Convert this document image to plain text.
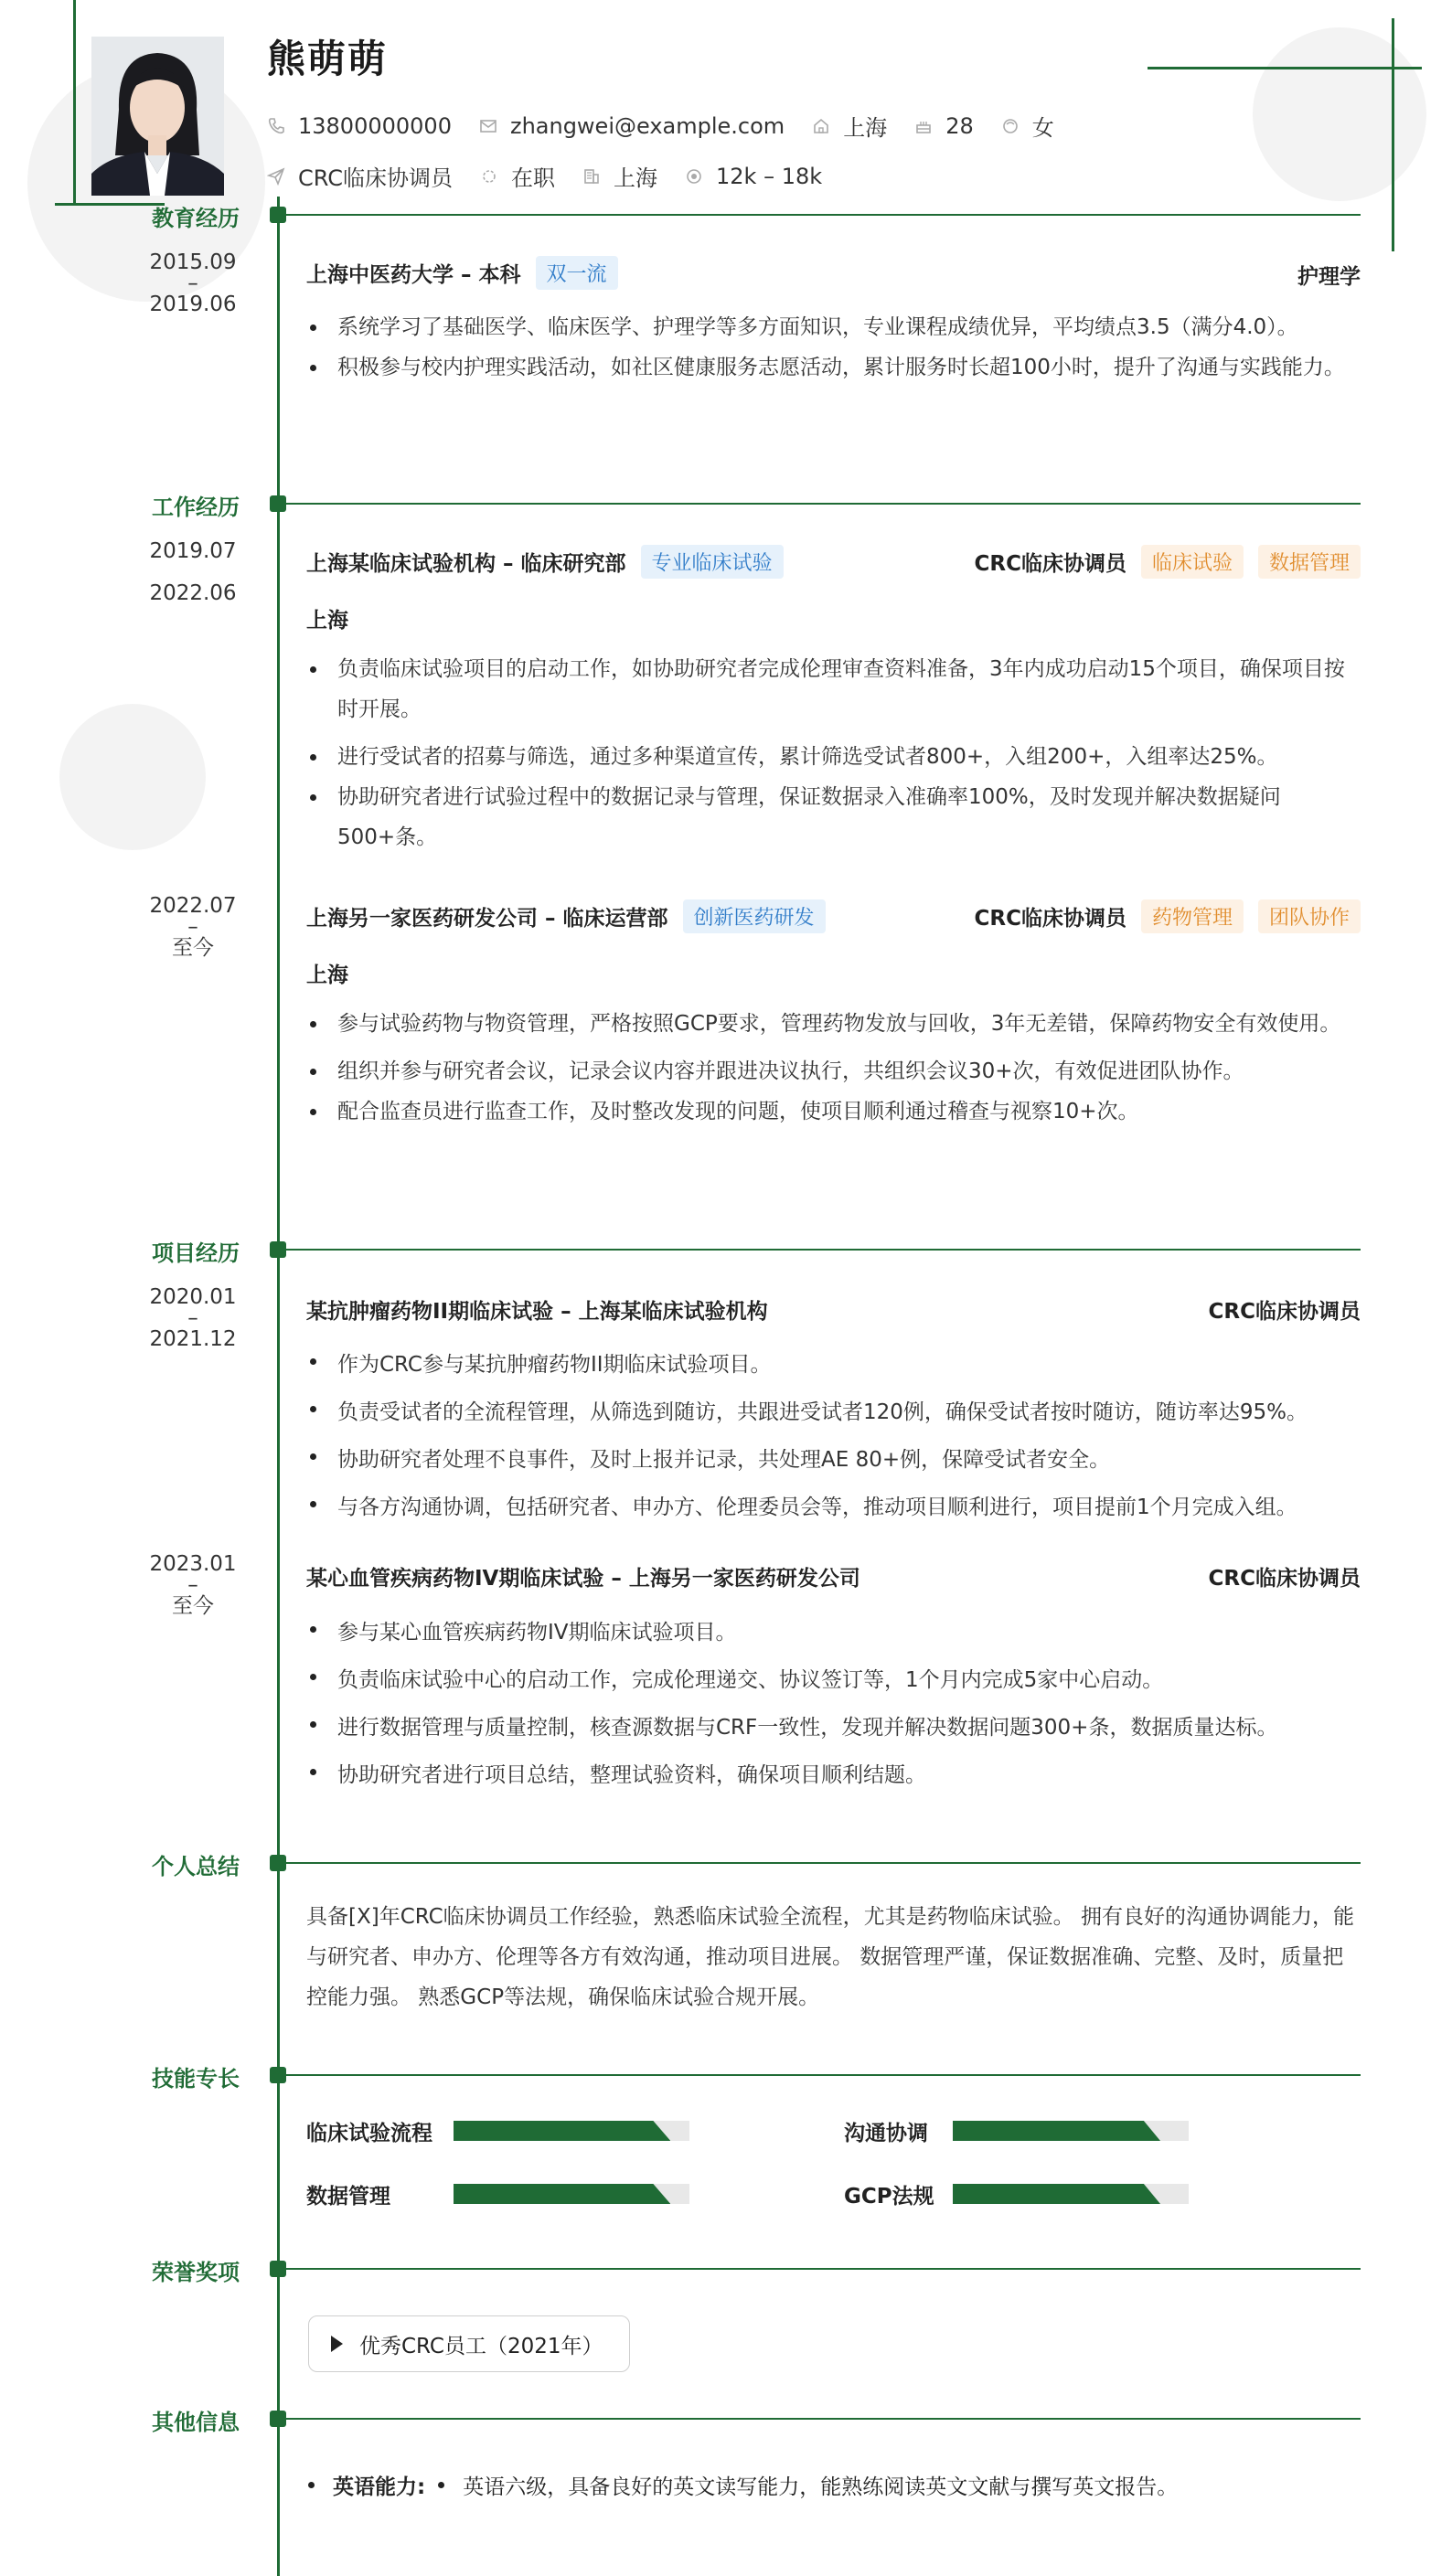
熊萌萌
13800000000	zhangwei@example.com	上海	28	女
CRC临床协调员	在职	上海	12k – 18k
教育经历
2015.09
–
2019.06
上海中医药大学 – 本科	双一流	护理学
系统学习了基础医学、临床医学、护理学等多方面知识，专业课程成绩优异，平均绩点3.5（满分4.0）。
积极参与校内护理实践活动，如社区健康服务志愿活动，累计服务时长超100小时，提升了沟通与实践能力。
工作经历
2019.07

2022.06
上海某临床试验机构 – 临床研究部	专业临床试验	CRC临床协调员	临床试验	数据管理
上海
负责临床试验项目的启动工作，如协助研究者完成伦理审查资料准备，3年内成功启动15个项目，确保项目按时开展。
进行受试者的招募与筛选，通过多种渠道宣传，累计筛选受试者800+，入组200+，入组率达25%。
协助研究者进行试验过程中的数据记录与管理，保证数据录入准确率100%，及时发现并解决数据疑问500+条。
2022.07
–
至今
上海另一家医药研发公司 – 临床运营部	创新医药研发	CRC临床协调员	药物管理	团队协作
上海
参与试验药物与物资管理，严格按照GCP要求，管理药物发放与回收，3年无差错，保障药物安全有效使用。
组织并参与研究者会议，记录会议内容并跟进决议执行，共组织会议30+次，有效促进团队协作。
配合监查员进行监查工作，及时整改发现的问题，使项目顺利通过稽查与视察10+次。
项目经历
2020.01
–
2021.12
某抗肿瘤药物II期临床试验 – 上海某临床试验机构	CRC临床协调员
作为CRC参与某抗肿瘤药物II期临床试验项目。
负责受试者的全流程管理，从筛选到随访，共跟进受试者120例，确保受试者按时随访，随访率达95%。
协助研究者处理不良事件，及时上报并记录，共处理AE 80+例，保障受试者安全。
与各方沟通协调，包括研究者、申办方、伦理委员会等，推动项目顺利进行，项目提前1个月完成入组。
2023.01
–
至今
某心血管疾病药物IV期临床试验 – 上海另一家医药研发公司	CRC临床协调员
参与某心血管疾病药物IV期临床试验项目。
负责临床试验中心的启动工作，完成伦理递交、协议签订等，1个月内完成5家中心启动。
进行数据管理与质量控制，核查源数据与CRF一致性，发现并解决数据问题300+条，数据质量达标。
协助研究者进行项目总结，整理试验资料，确保项目顺利结题。
个人总结
具备[X]年CRC临床协调员工作经验，熟悉临床试验全流程，尤其是药物临床试验。 拥有良好的沟通协调能力，能与研究者、申办方、伦理等各方有效沟通，推动项目进展。 数据管理严谨，保证数据准确、完整、及时，质量把控能力强。 熟悉GCP等法规，确保临床试验合规开展。
技能专长
临床试验流程	沟通协调
数据管理	GCP法规
荣誉奖项
优秀CRC员工（2021年）
其他信息
英语能力: 英语六级，具备良好的英文读写能力，能熟练阅读英文文献与撰写英文报告。
